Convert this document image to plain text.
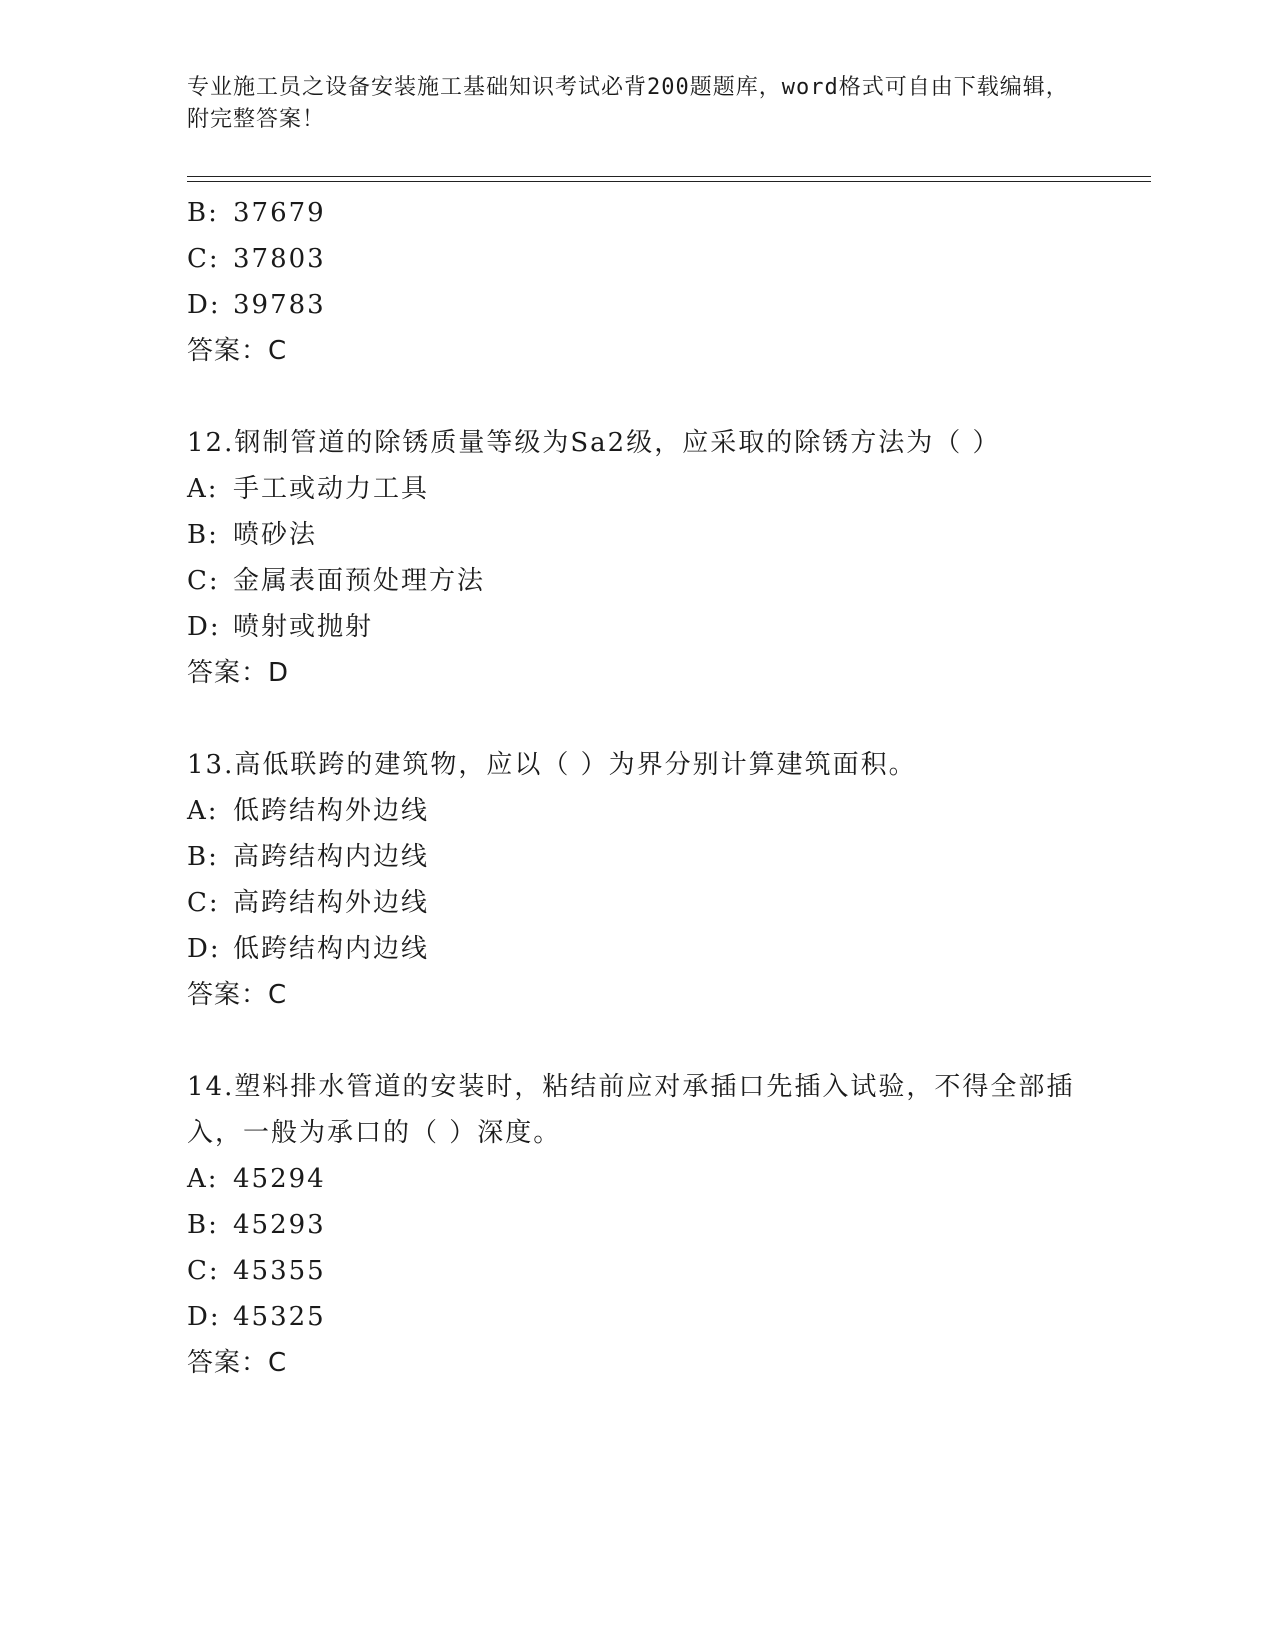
专业施工员之设备安装施工基础知识考试必背200题题库，word格式可自由下载编辑，附完整答案！
B: 37679
C: 37803
D: 39783
答案：C
12.钢制管道的除锈质量等级为Sa2级，应采取的除锈方法为（ ）
A: 手工或动力工具
B: 喷砂法
C: 金属表面预处理方法
D: 喷射或抛射
答案：D
13.高低联跨的建筑物，应以（ ）为界分别计算建筑面积。
A: 低跨结构外边线
B: 高跨结构内边线
C: 高跨结构外边线
D: 低跨结构内边线
答案：C
14.塑料排水管道的安装时，粘结前应对承插口先插入试验，不得全部插入，一般为承口的（ ）深度。
A: 45294
B: 45293
C: 45355
D: 45325
答案：C
